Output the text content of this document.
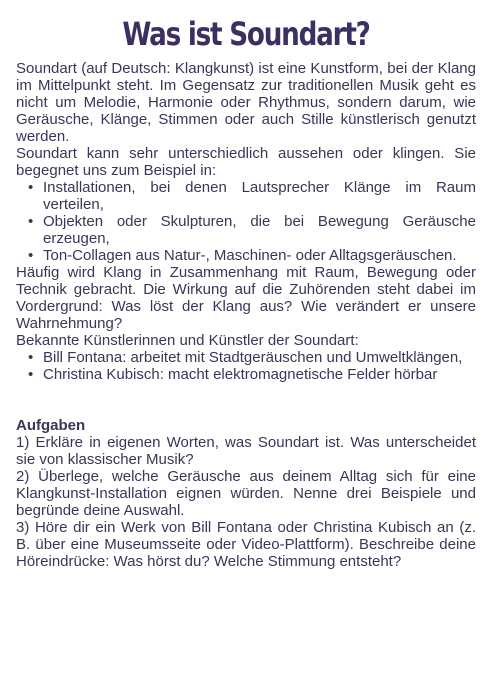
Was ist Soundart?

Soundart (auf Deutsch: Klangkunst) ist eine Kunstform, bei der Klang im Mittelpunkt steht. Im Gegensatz zur traditionellen Musik geht es nicht um Melodie, Harmonie oder Rhythmus, sondern darum, wie Geräusche, Klänge, Stimmen oder auch Stille künstlerisch genutzt werden.

Soundart kann sehr unterschiedlich aussehen oder klingen. Sie begegnet uns zum Beispiel in:

• Installationen, bei denen Lautsprecher Klänge im Raum verteilen,
• Objekten oder Skulpturen, die bei Bewegung Geräusche erzeugen,
• Ton-Collagen aus Natur-, Maschinen- oder Alltagsgeräuschen.

Häufig wird Klang in Zusammenhang mit Raum, Bewegung oder Technik gebracht. Die Wirkung auf die Zuhörenden steht dabei im Vordergrund: Was löst der Klang aus? Wie verändert er unsere Wahrnehmung?

Bekannte Künstlerinnen und Künstler der Soundart:

• Bill Fontana: arbeitet mit Stadtgeräuschen und Umweltklängen,
• Christina Kubisch: macht elektromagnetische Felder hörbar

Aufgaben

1) Erkläre in eigenen Worten, was Soundart ist. Was unterscheidet sie von klassischer Musik?

2) Überlege, welche Geräusche aus deinem Alltag sich für eine Klangkunst-Installation eignen würden. Nenne drei Beispiele und begründe deine Auswahl.

3) Höre dir ein Werk von Bill Fontana oder Christina Kubisch an (z. B. über eine Museumsseite oder Video-Plattform). Beschreibe deine Höreindrücke: Was hörst du? Welche Stimmung entsteht?
